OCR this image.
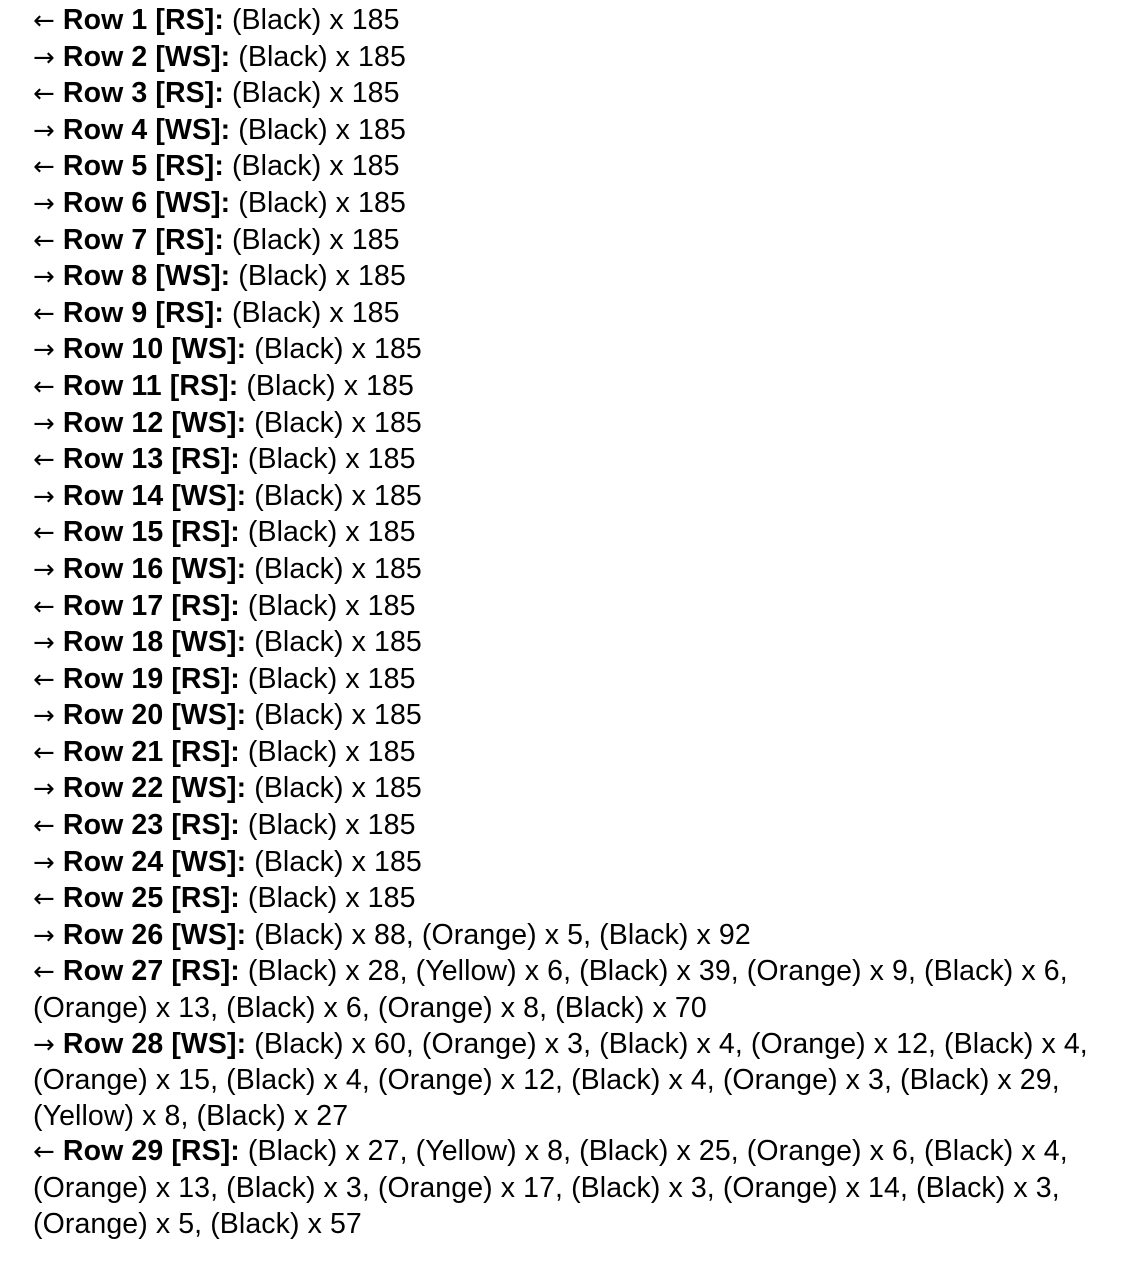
← Row 1 [RS]: (Black) x 185
→ Row 2 [WS]: (Black) x 185
← Row 3 [RS]: (Black) x 185
→ Row 4 [WS]: (Black) x 185
← Row 5 [RS]: (Black) x 185
→ Row 6 [WS]: (Black) x 185
← Row 7 [RS]: (Black) x 185
→ Row 8 [WS]: (Black) x 185
← Row 9 [RS]: (Black) x 185
→ Row 10 [WS]: (Black) x 185
← Row 11 [RS]: (Black) x 185
→ Row 12 [WS]: (Black) x 185
← Row 13 [RS]: (Black) x 185
→ Row 14 [WS]: (Black) x 185
← Row 15 [RS]: (Black) x 185
→ Row 16 [WS]: (Black) x 185
← Row 17 [RS]: (Black) x 185
→ Row 18 [WS]: (Black) x 185
← Row 19 [RS]: (Black) x 185
→ Row 20 [WS]: (Black) x 185
← Row 21 [RS]: (Black) x 185
→ Row 22 [WS]: (Black) x 185
← Row 23 [RS]: (Black) x 185
→ Row 24 [WS]: (Black) x 185
← Row 25 [RS]: (Black) x 185
→ Row 26 [WS]: (Black) x 88, (Orange) x 5, (Black) x 92
← Row 27 [RS]: (Black) x 28, (Yellow) x 6, (Black) x 39, (Orange) x 9, (Black) x 6, (Orange) x 13, (Black) x 6, (Orange) x 8, (Black) x 70
→ Row 28 [WS]: (Black) x 60, (Orange) x 3, (Black) x 4, (Orange) x 12, (Black) x 4, (Orange) x 15, (Black) x 4, (Orange) x 12, (Black) x 4, (Orange) x 3, (Black) x 29, (Yellow) x 8, (Black) x 27
← Row 29 [RS]: (Black) x 27, (Yellow) x 8, (Black) x 25, (Orange) x 6, (Black) x 4, (Orange) x 13, (Black) x 3, (Orange) x 17, (Black) x 3, (Orange) x 14, (Black) x 3, (Orange) x 5, (Black) x 57
